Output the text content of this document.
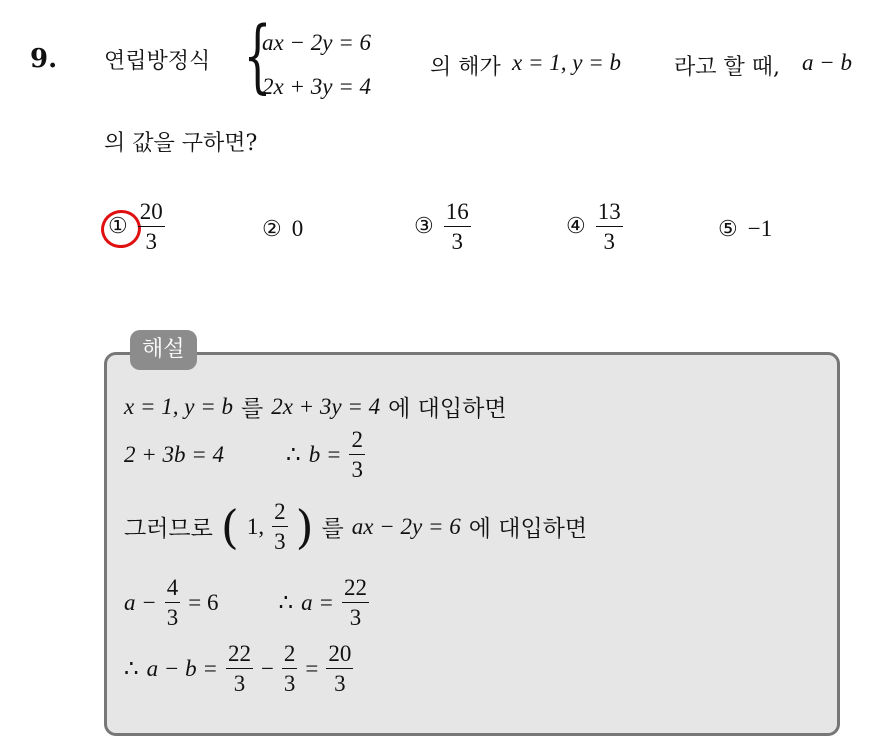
9. 연립방정식 {
ax − 2y = 6
2x + 3y = 4
의 해가 x = 1, y = b 라고 할 때, a − b
의 값을 구하면?
① $\frac{20}{3}$	② 0	③ $\frac{16}{3}$	④ $\frac{13}{3}$	⑤ −1
해설
x = 1, y = b 를 2x + 3y = 4 에 대입하면
2 + 3b = 4	∴ $b = \frac{2}{3}$
그러므로 ( 1, $\frac{2}{3}$ ) 를 ax − 2y = 6 에 대입하면
$a - \frac{4}{3} = 6$	∴ $a = \frac{22}{3}$
∴ $a - b = \frac{22}{3} - \frac{2}{3} = \frac{20}{3}$
